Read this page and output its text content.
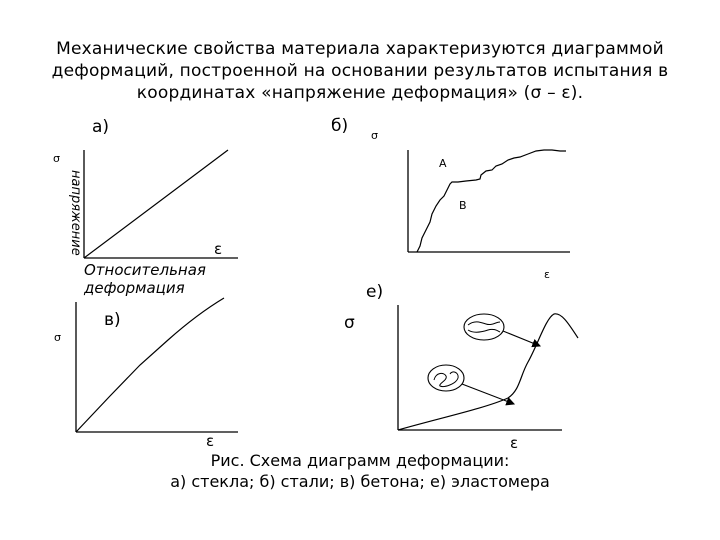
Механические свойства материала характеризуются диаграммой
деформаций, построенной на основании результатов испытания в
координатах «напряжение деформация» (σ – ε).
а)
σ
напряжение	ε
Относительная
деформация
б) σ
А
В
ε
в)
σ
ε
е)
σ
ε
Рис. Схема диаграмм деформации:
а) стекла; б) стали; в) бетона; е) эластомера
